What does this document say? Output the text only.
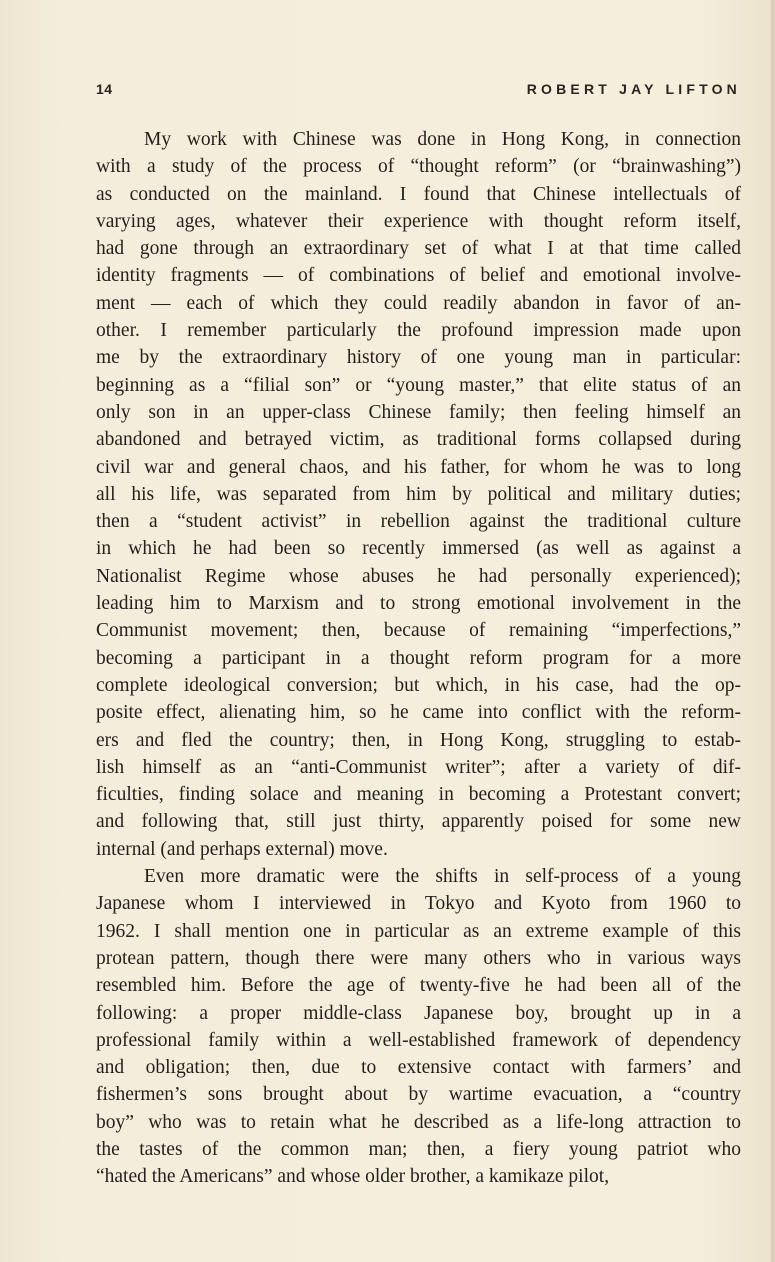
14	ROBERT JAY LIFTON
My work with Chinese was done in Hong Kong, in connection
with a study of the process of “thought reform” (or “brainwashing”)
as conducted on the mainland. I found that Chinese intellectuals of
varying ages, whatever their experience with thought reform itself,
had gone through an extraordinary set of what I at that time called
identity fragments — of combinations of belief and emotional involve-
ment — each of which they could readily abandon in favor of an-
other. I remember particularly the profound impression made upon
me by the extraordinary history of one young man in particular:
beginning as a “filial son” or “young master,” that elite status of an
only son in an upper-class Chinese family; then feeling himself an
abandoned and betrayed victim, as traditional forms collapsed during
civil war and general chaos, and his father, for whom he was to long
all his life, was separated from him by political and military duties;
then a “student activist” in rebellion against the traditional culture
in which he had been so recently immersed (as well as against a
Nationalist Regime whose abuses he had personally experienced);
leading him to Marxism and to strong emotional involvement in the
Communist movement; then, because of remaining “imperfections,”
becoming a participant in a thought reform program for a more
complete ideological conversion; but which, in his case, had the op-
posite effect, alienating him, so he came into conflict with the reform-
ers and fled the country; then, in Hong Kong, struggling to estab-
lish himself as an “anti-Communist writer”; after a variety of dif-
ficulties, finding solace and meaning in becoming a Protestant convert;
and following that, still just thirty, apparently poised for some new
internal (and perhaps external) move.
Even more dramatic were the shifts in self-process of a young
Japanese whom I interviewed in Tokyo and Kyoto from 1960 to
1962. I shall mention one in particular as an extreme example of this
protean pattern, though there were many others who in various ways
resembled him. Before the age of twenty-five he had been all of the
following: a proper middle-class Japanese boy, brought up in a
professional family within a well-established framework of dependency
and obligation; then, due to extensive contact with farmers’ and
fishermen’s sons brought about by wartime evacuation, a “country
boy” who was to retain what he described as a life-long attraction to
the tastes of the common man; then, a fiery young patriot who
“hated the Americans” and whose older brother, a kamikaze pilot,
